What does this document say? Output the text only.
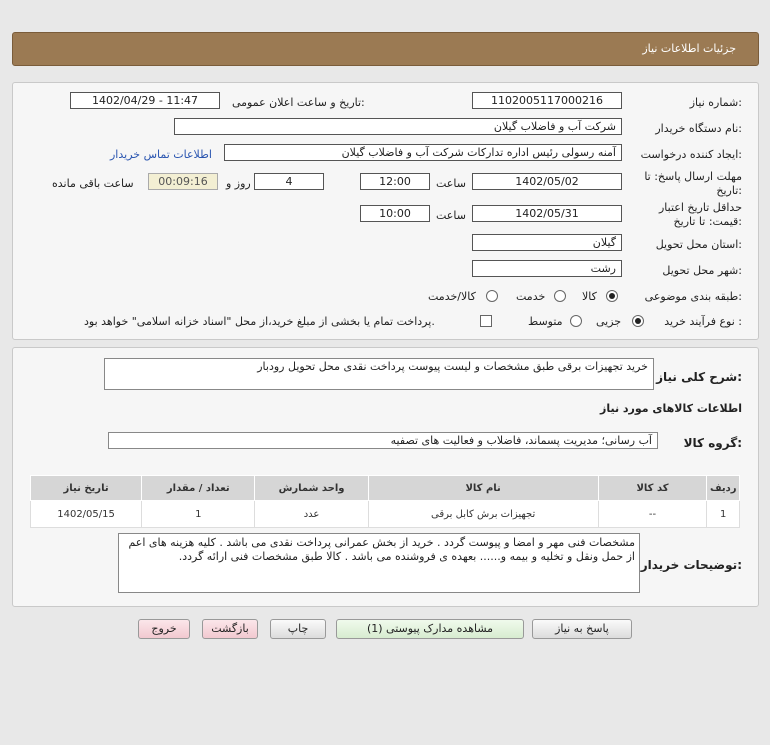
جزئیات اطلاعات نیاز
شماره نیاز:
1102005117000216
تاریخ و ساعت اعلان عمومی:
1402/04/29 - 11:47
نام دستگاه خریدار:
شرکت آب و فاضلاب گیلان
ایجاد کننده درخواست:
آمنه رسولی رئیس اداره تدارکات شرکت آب و فاضلاب گیلان
اطلاعات تماس خریدار
مهلت ارسال پاسخ: تا
تاریخ:
1402/05/02
ساعت
12:00
4
روز و
00:09:16
ساعت باقی مانده
حداقل تاریخ اعتبار
قیمت: تا تاریخ:
1402/05/31
ساعت
10:00
استان محل تحویل:
گیلان
شهر محل تحویل:
رشت
طبقه بندی موضوعی:
کالا
خدمت
کالا/خدمت
نوع فرآیند خرید :
جزیی
متوسط
پرداخت تمام یا بخشی از مبلغ خرید،از محل "اسناد خزانه اسلامی" خواهد بود.
شرح کلی نیاز:
خرید تجهیزات برقی طبق مشخصات و لیست پیوست پرداخت نقدی محل تحویل رودبار
اطلاعات کالاهای مورد نیاز
گروه کالا:
آب رسانی؛ مدیریت پسماند، فاضلاب و فعالیت های تصفیه
ردیف	کد کالا	نام کالا	واحد شمارش	تعداد / مقدار	تاریخ نیاز
1	--	تجهیزات برش کابل برقی	عدد	1	1402/05/15
توضیحات خریدار:
مشخصات فنی مهر و امضا و پیوست گردد . خرید از بخش عمرانی پرداخت نقدی می باشد . کلیه هزینه های اعم از حمل ونقل و تخلیه و بیمه و...... بعهده ی فروشنده می باشد . کالا طبق مشخصات فنی ارائه گردد.
پاسخ به نیاز
مشاهده مدارک پیوستی (1)
چاپ
بازگشت
خروج
